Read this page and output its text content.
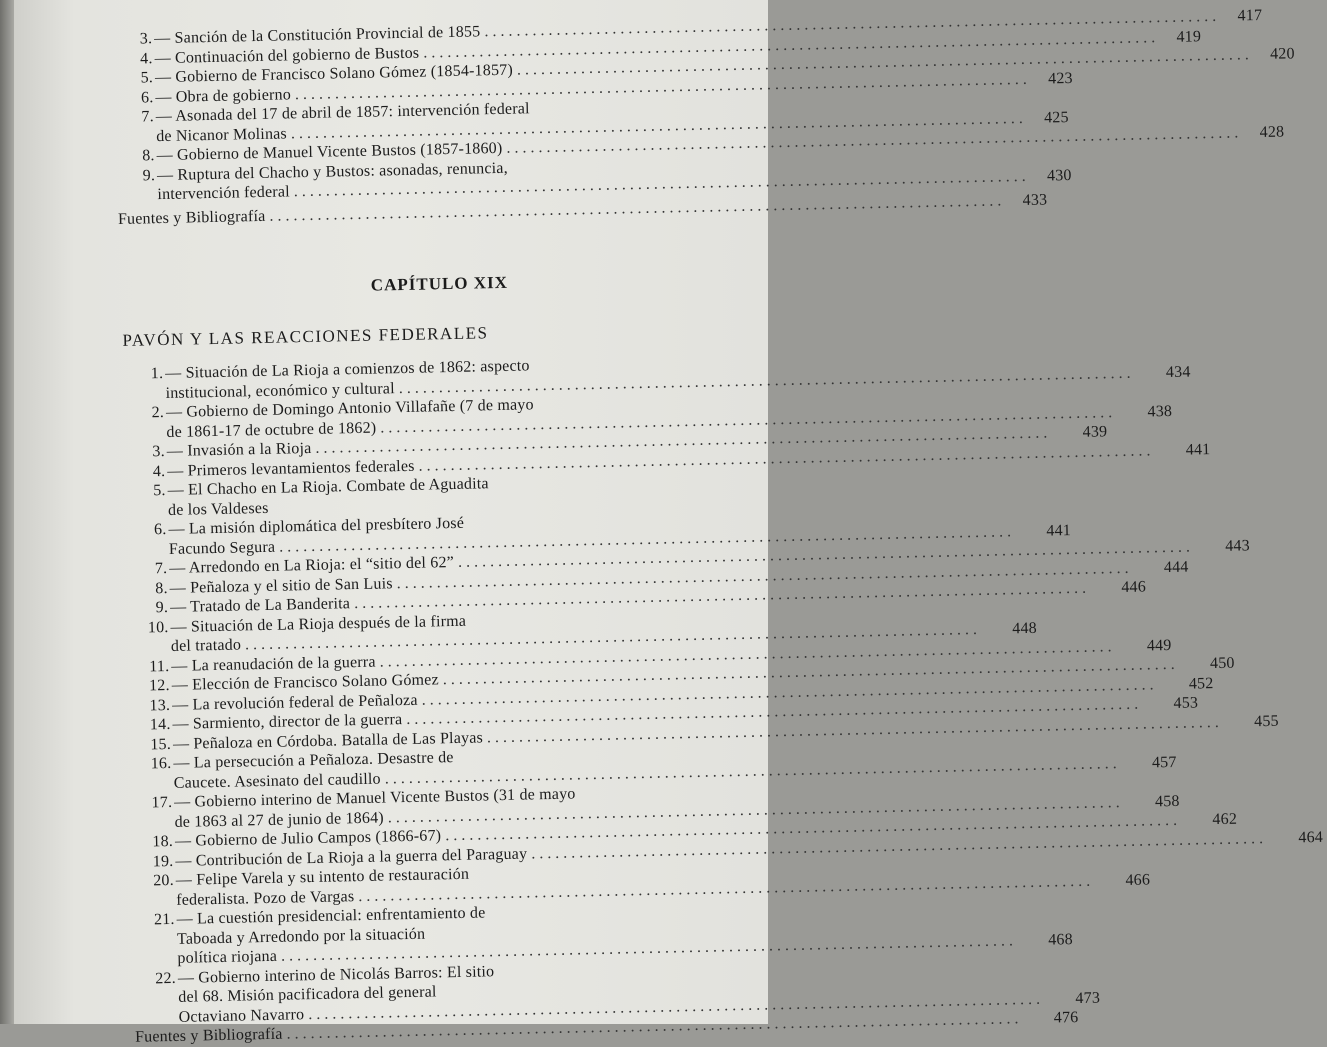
3. — Sanción de la Constitución Provincial de 1855
. . .
417
4. — Continuación del gobierno de Bustos
. . .
419
5. — Gobierno de Francisco Solano Gómez (1854-1857)
. . .
420
6. — Obra de gobierno
. . .
423
7. — Asonada del 17 de abril de 1857: intervención federal
de Nicanor Molinas
. . .
425
8. — Gobierno de Manuel Vicente Bustos (1857-1860)
. . .
428
9. — Ruptura del Chacho y Bustos: asonadas, renuncia,
intervención federal
. . .
430
Fuentes y Bibliografía
. . .
433
CAPÍTULO XIX
PAVÓN Y LAS REACCIONES FEDERALES
1. — Situación de La Rioja a comienzos de 1862: aspecto
institucional, económico y cultural
. . .
434
2. — Gobierno de Domingo Antonio Villafañe (7 de mayo
de 1861-17 de octubre de 1862)
. . .
438
3. — Invasión a la Rioja
. . .
439
4. — Primeros levantamientos federales
. . .
441
5. — El Chacho en La Rioja. Combate de Aguadita
de los Valdeses
6. — La misión diplomática del presbítero José
Facundo Segura
. . .
441
7. — Arredondo en La Rioja: el “sitio del 62”
. . .
443
8. — Peñaloza y el sitio de San Luis
. . .
444
9. — Tratado de La Banderita
. . .
446
10. — Situación de La Rioja después de la firma
del tratado
. . .
448
11. — La reanudación de la guerra
. . .
449
12. — Elección de Francisco Solano Gómez
. . .
450
13. — La revolución federal de Peñaloza
. . .
452
14. — Sarmiento, director de la guerra
. . .
453
15. — Peñaloza en Córdoba. Batalla de Las Playas
. . .
455
16. — La persecución a Peñaloza. Desastre de
Caucete. Asesinato del caudillo
. . .
457
17. — Gobierno interino de Manuel Vicente Bustos (31 de mayo
de 1863 al 27 de junio de 1864)
. . .
458
18. — Gobierno de Julio Campos (1866-67)
. . .
462
19. — Contribución de La Rioja a la guerra del Paraguay
. . .
464
20. — Felipe Varela y su intento de restauración
federalista. Pozo de Vargas
. . .
466
21. — La cuestión presidencial: enfrentamiento de
Taboada y Arredondo por la situación
política riojana
. . .
468
22. — Gobierno interino de Nicolás Barros: El sitio
del 68. Misión pacificadora del general
Octaviano Navarro
. . .
473
Fuentes y Bibliografía
. . .
476
